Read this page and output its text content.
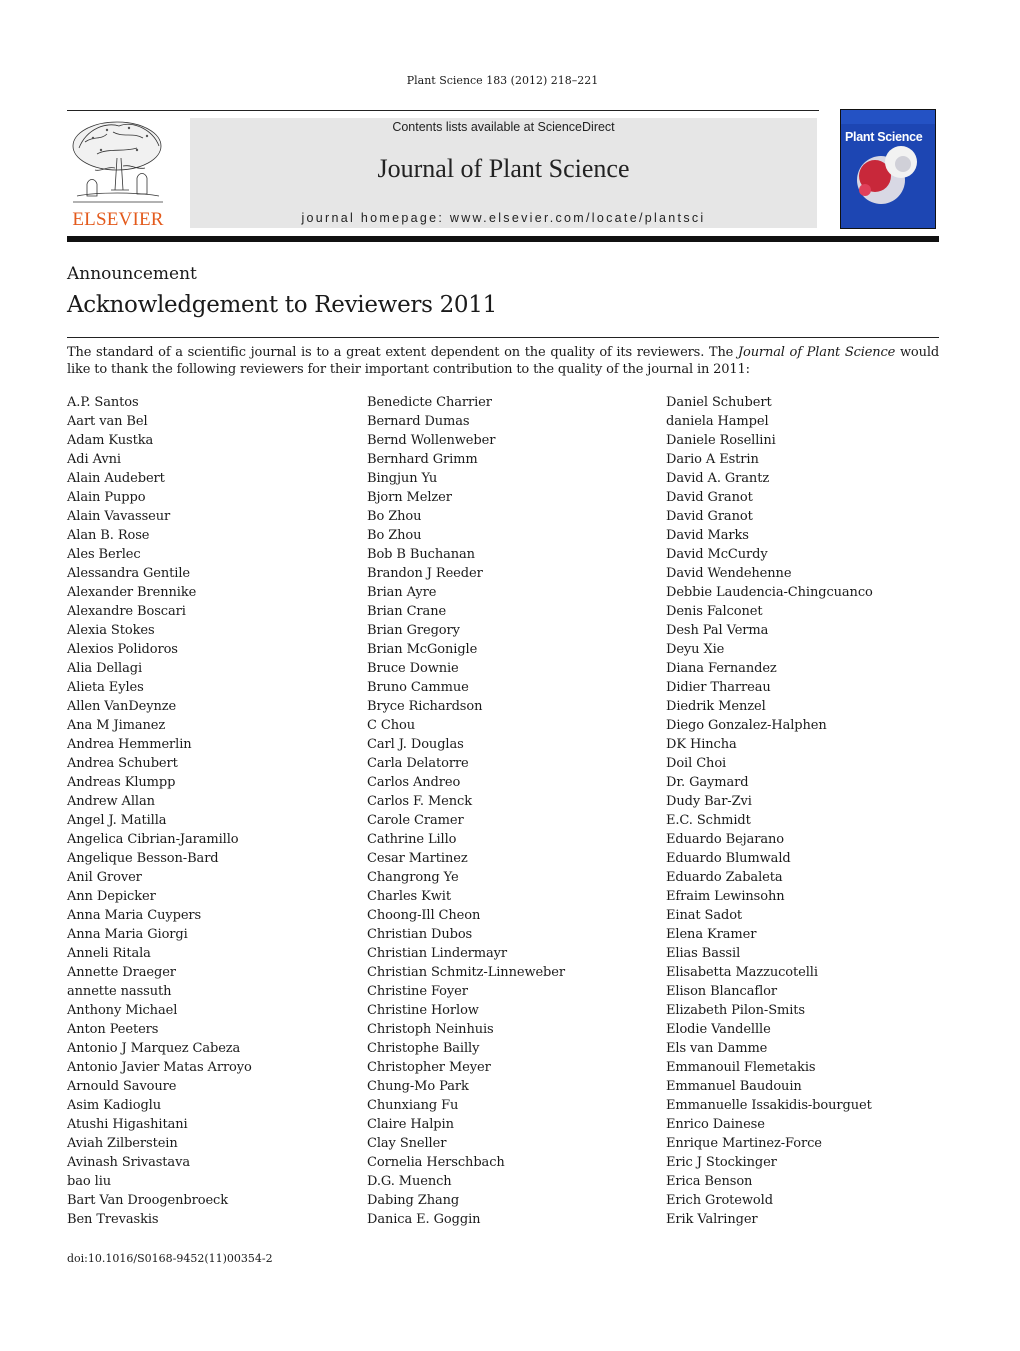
Plant Science 183 (2012) 218–221
ELSEVIER
Contents lists available at ScienceDirect
Journal of Plant Science
journal homepage: www.elsevier.com/locate/plantsci
Plant Science
Announcement
Acknowledgement to Reviewers 2011

The standard of a scientific journal is to a great extent dependent on the quality of its reviewers. The Journal of Plant Science would like to thank the following reviewers for their important contribution to the quality of the journal in 2011:

A.P. Santos
Aart van Bel
Adam Kustka
Adi Avni
Alain Audebert
Alain Puppo
Alain Vavasseur
Alan B. Rose
Ales Berlec
Alessandra Gentile
Alexander Brennike
Alexandre Boscari
Alexia Stokes
Alexios Polidoros
Alia Dellagi
Alieta Eyles
Allen VanDeynze
Ana M Jimanez
Andrea Hemmerlin
Andrea Schubert
Andreas Klumpp
Andrew Allan
Angel J. Matilla
Angelica Cibrian-Jaramillo
Angelique Besson-Bard
Anil Grover
Ann Depicker
Anna Maria Cuypers
Anna Maria Giorgi
Anneli Ritala
Annette Draeger
annette nassuth
Anthony Michael
Anton Peeters
Antonio J Marquez Cabeza
Antonio Javier Matas Arroyo
Arnould Savoure
Asim Kadioglu
Atushi Higashitani
Aviah Zilberstein
Avinash Srivastava
bao liu
Bart Van Droogenbroeck
Ben Trevaskis
Benedicte Charrier
Bernard Dumas
Bernd Wollenweber
Bernhard Grimm
Bingjun Yu
Bjorn Melzer
Bo Zhou
Bo Zhou
Bob B Buchanan
Brandon J Reeder
Brian Ayre
Brian Crane
Brian Gregory
Brian McGonigle
Bruce Downie
Bruno Cammue
Bryce Richardson
C Chou
Carl J. Douglas
Carla Delatorre
Carlos Andreo
Carlos F. Menck
Carole Cramer
Cathrine Lillo
Cesar Martinez
Changrong Ye
Charles Kwit
Choong-Ill Cheon
Christian Dubos
Christian Lindermayr
Christian Schmitz-Linneweber
Christine Foyer
Christine Horlow
Christoph Neinhuis
Christophe Bailly
Christopher Meyer
Chung-Mo Park
Chunxiang Fu
Claire Halpin
Clay Sneller
Cornelia Herschbach
D.G. Muench
Dabing Zhang
Danica E. Goggin
Daniel Schubert
daniela Hampel
Daniele Rosellini
Dario A Estrin
David A. Grantz
David Granot
David Granot
David Marks
David McCurdy
David Wendehenne
Debbie Laudencia-Chingcuanco
Denis Falconet
Desh Pal Verma
Deyu Xie
Diana Fernandez
Didier Tharreau
Diedrik Menzel
Diego Gonzalez-Halphen
DK Hincha
Doil Choi
Dr. Gaymard
Dudy Bar-Zvi
E.C. Schmidt
Eduardo Bejarano
Eduardo Blumwald
Eduardo Zabaleta
Efraim Lewinsohn
Einat Sadot
Elena Kramer
Elias Bassil
Elisabetta Mazzucotelli
Elison Blancaflor
Elizabeth Pilon-Smits
Elodie Vandellle
Els van Damme
Emmanouil Flemetakis
Emmanuel Baudouin
Emmanuelle Issakidis-bourguet
Enrico Dainese
Enrique Martinez-Force
Eric J Stockinger
Erica Benson
Erich Grotewold
Erik Valringer
doi:10.1016/S0168-9452(11)00354-2
